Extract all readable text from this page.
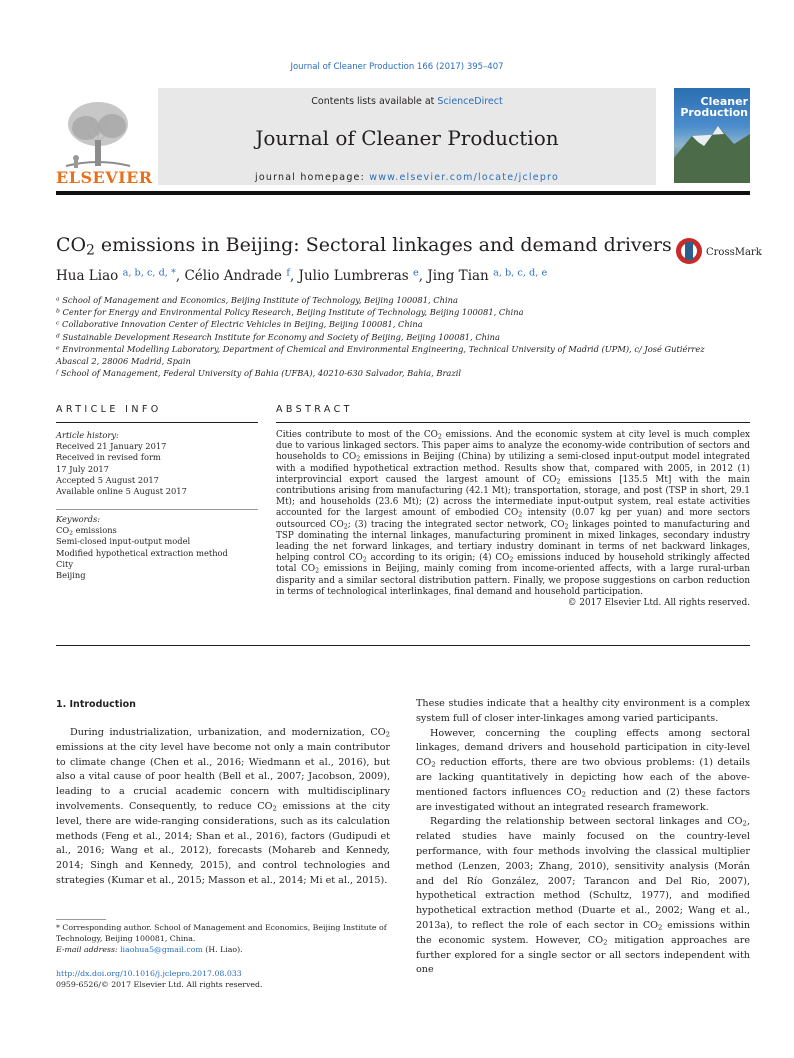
Journal of Cleaner Production 166 (2017) 395–407
Contents lists available at ScienceDirect
Journal of Cleaner Production
journal homepage: www.elsevier.com/locate/jclepro
ELSEVIER
Cleaner
Production
$CO_2$ emissions in Beijing: Sectoral linkages and demand drivers	CrossMark
Hua Liao $^{a, b, c, d, *}$, Célio Andrade $^f$, Julio Lumbreras $^e$, Jing Tian $^{a, b, c, d, e}$
$^a$ School of Management and Economics, Beijing Institute of Technology, Beijing 100081, China
$^b$ Center for Energy and Environmental Policy Research, Beijing Institute of Technology, Beijing 100081, China
$^c$ Collaborative Innovation Center of Electric Vehicles in Beijing, Beijing 100081, China
$^d$ Sustainable Development Research Institute for Economy and Society of Beijing, Beijing 100081, China
$^e$ Environmental Modelling Laboratory, Department of Chemical and Environmental Engineering, Technical University of Madrid (UPM), c/ José Gutiérrez
Abascal 2, 28006 Madrid, Spain
$^f$ School of Management, Federal University of Bahia (UFBA), 40210-630 Salvador, Bahia, Brazil
ARTICLE INFO	ABSTRACT
Article history:
Received 21 January 2017
Received in revised form
17 July 2017
Accepted 5 August 2017
Available online 5 August 2017
Keywords:
$CO_2$ emissions
Semi-closed input-output model
Modified hypothetical extraction method
City
Beijing

Cities contribute to most of the $CO_2$ emissions. And the economic system at city level is much complex due to various linkaged sectors. This paper aims to analyze the economy-wide contribution of sectors and households to $CO_2$ emissions in Beijing (China) by utilizing a semi-closed input-output model integrated with a modified hypothetical extraction method. Results show that, compared with 2005, in 2012 (1) interprovincial export caused the largest amount of $CO_2$ emissions [135.5 Mt] with the main contributions arising from manufacturing (42.1 Mt); transportation, storage, and post (TSP in short, 29.1 Mt); and households (23.6 Mt); (2) across the intermediate input-output system, real estate activities accounted for the largest amount of embodied $CO_2$ intensity (0.07 kg per yuan) and more sectors outsourced $CO_2$; (3) tracing the integrated sector network, $CO_2$ linkages pointed to manufacturing and TSP dominating the internal linkages, manufacturing prominent in mixed linkages, secondary industry leading the net forward linkages, and tertiary industry dominant in terms of net backward linkages, helping control $CO_2$ according to its origin; (4) $CO_2$ emissions induced by household strikingly affected total $CO_2$ emissions in Beijing, mainly coming from income-oriented affects, with a large rural-urban disparity and a similar sectoral distribution pattern. Finally, we propose suggestions on carbon reduction in terms of technological interlinkages, final demand and household participation.

© 2017 Elsevier Ltd. All rights reserved.

1. Introduction

During industrialization, urbanization, and modernization, $CO_2$ emissions at the city level have become not only a main contributor to climate change (Chen et al., 2016; Wiedmann et al., 2016), but also a vital cause of poor health (Bell et al., 2007; Jacobson, 2009), leading to a crucial academic concern with multidisciplinary involvements. Consequently, to reduce $CO_2$ emissions at the city level, there are wide-ranging considerations, such as its calculation methods (Feng et al., 2014; Shan et al., 2016), factors (Gudipudi et al., 2016; Wang et al., 2012), forecasts (Mohareb and Kennedy, 2014; Singh and Kennedy, 2015), and control technologies and strategies (Kumar et al., 2015; Masson et al., 2014; Mi et al., 2015).

These studies indicate that a healthy city environment is a complex system full of closer inter-linkages among varied participants.

However, concerning the coupling effects among sectoral linkages, demand drivers and household participation in city-level $CO_2$ reduction efforts, there are two obvious problems: (1) details are lacking quantitatively in depicting how each of the above-mentioned factors influences $CO_2$ reduction and (2) these factors are investigated without an integrated research framework.

Regarding the relationship between sectoral linkages and $CO_2$, related studies have mainly focused on the country-level performance, with four methods involving the classical multiplier method (Lenzen, 2003; Zhang, 2010), sensitivity analysis (Morán and del Río González, 2007; Tarancon and Del Rio, 2007), hypothetical extraction method (Schultz, 1977), and modified hypothetical extraction method (Duarte et al., 2002; Wang et al., 2013a), to reflect the role of each sector in $CO_2$ emissions within the economic system. However, $CO_2$ mitigation approaches are further explored for a single sector or all sectors independent with one

* Corresponding author. School of Management and Economics, Beijing Institute of Technology, Beijing 100081, China.
E-mail address: liaohua5@gmail.com (H. Liao).
http://dx.doi.org/10.1016/j.jclepro.2017.08.033
0959-6526/© 2017 Elsevier Ltd. All rights reserved.
